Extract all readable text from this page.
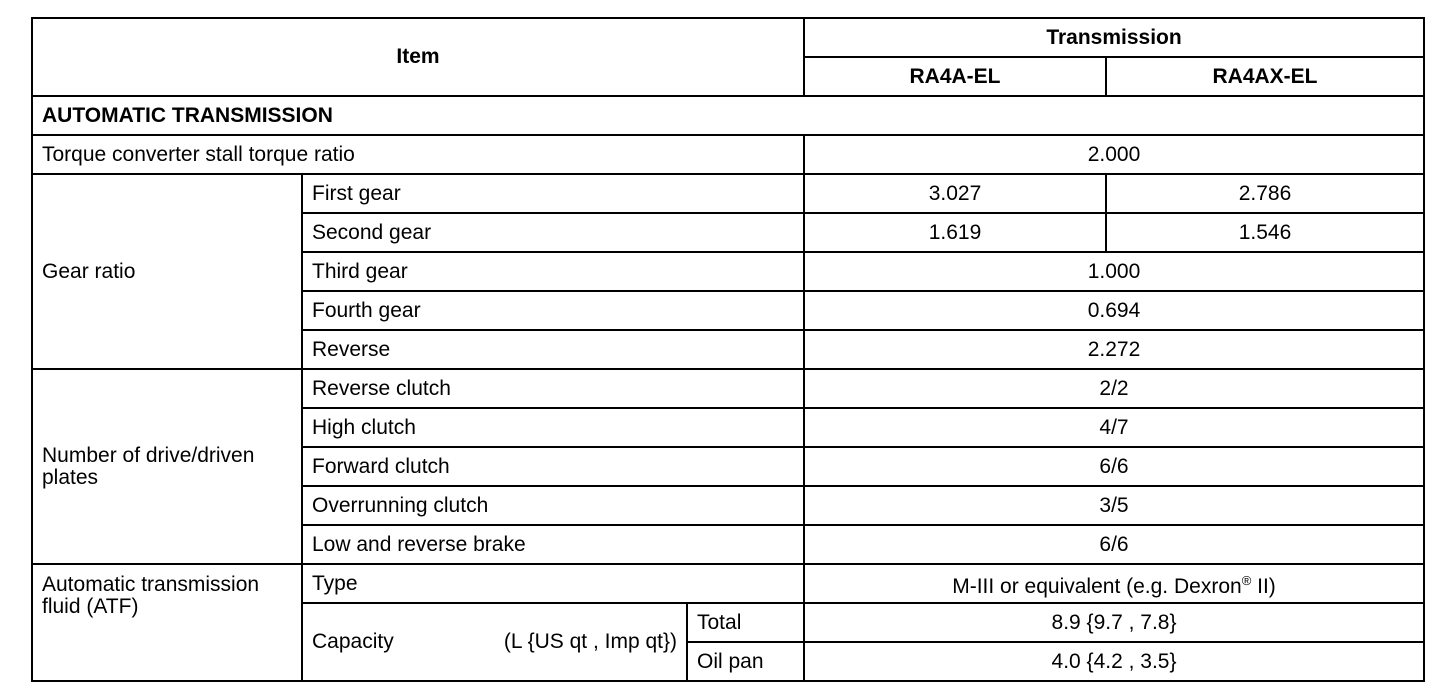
Item			Transmission	
			RA4A-EL	RA4AX-EL
AUTOMATIC TRANSMISSION				
Torque converter stall torque ratio			2.000	
Gear ratio	First gear		3.027	2.786
	Second gear		1.619	1.546
	Third gear		1.000	
	Fourth gear		0.694	
	Reverse		2.272	
Number of drive/driven plates	Reverse clutch		2/2	
	High clutch		4/7	
	Forward clutch		6/6	
	Overrunning clutch		3/5	
	Low and reverse brake		6/6	
Automatic transmission fluid (ATF)	Type		M-III or equivalent (e.g. Dexron® II)	

	Capacity (L {US qt , Imp qt})	Total	8.9 {9.7 , 7.8}	
		Oil pan	4.0 {4.2 , 3.5}	
